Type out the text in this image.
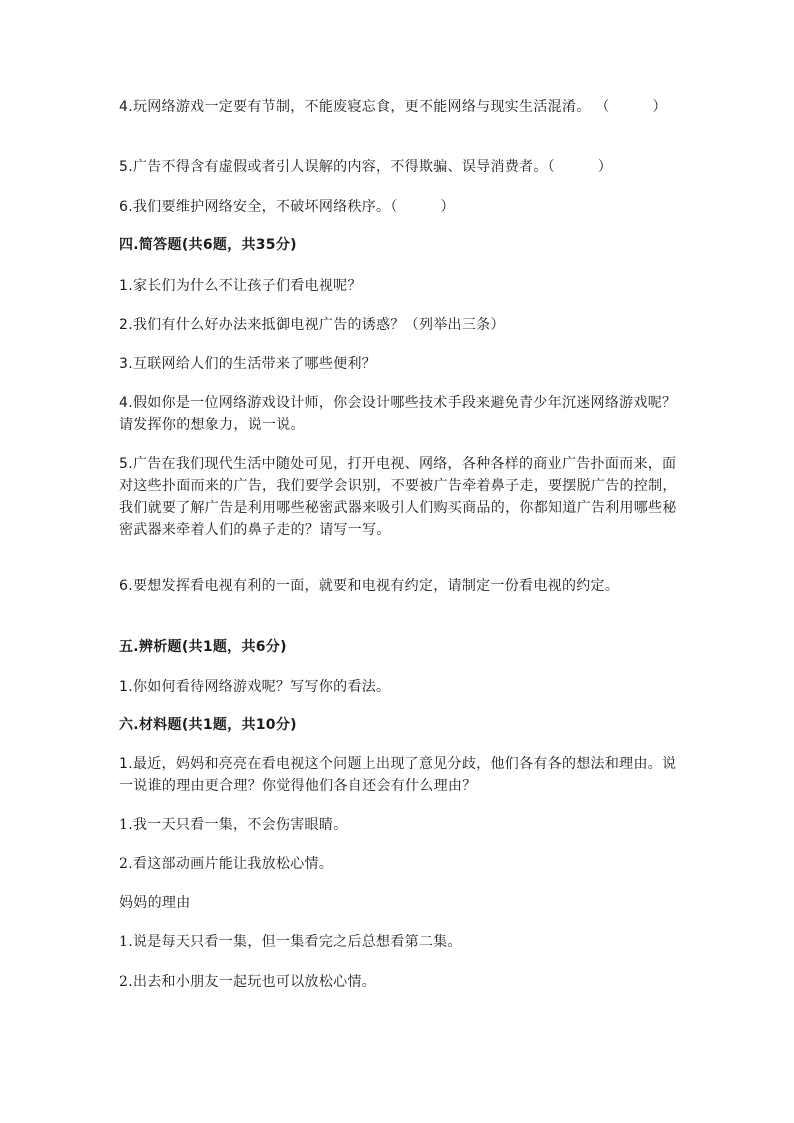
4.玩网络游戏一定要有节制，不能废寝忘食，更不能网络与现实生活混淆。 （　　　）
5.广告不得含有虚假或者引人误解的内容，不得欺骗、误导消费者。（　　　）
6.我们要维护网络安全，不破坏网络秩序。（　　　）
四.简答题(共6题，共35分)
1.家长们为什么不让孩子们看电视呢？
2.我们有什么好办法来抵御电视广告的诱惑？（列举出三条）
3.互联网给人们的生活带来了哪些便利？
4.假如你是一位网络游戏设计师，你会设计哪些技术手段来避免青少年沉迷网络游戏呢？请发挥你的想象力，说一说。
5.广告在我们现代生活中随处可见，打开电视、网络，各种各样的商业广告扑面而来，面对这些扑面而来的广告，我们要学会识别，不要被广告牵着鼻子走，要摆脱广告的控制，我们就要了解广告是利用哪些秘密武器来吸引人们购买商品的，你都知道广告利用哪些秘密武器来牵着人们的鼻子走的？请写一写。
6.要想发挥看电视有利的一面，就要和电视有约定，请制定一份看电视的约定。
五.辨析题(共1题，共6分)
1.你如何看待网络游戏呢？写写你的看法。
六.材料题(共1题，共10分)
1.最近，妈妈和亮亮在看电视这个问题上出现了意见分歧，他们各有各的想法和理由。说一说谁的理由更合理？你觉得他们各自还会有什么理由？
1.我一天只看一集，不会伤害眼睛。
2.看这部动画片能让我放松心情。
妈妈的理由
1.说是每天只看一集，但一集看完之后总想看第二集。
2.出去和小朋友一起玩也可以放松心情。
